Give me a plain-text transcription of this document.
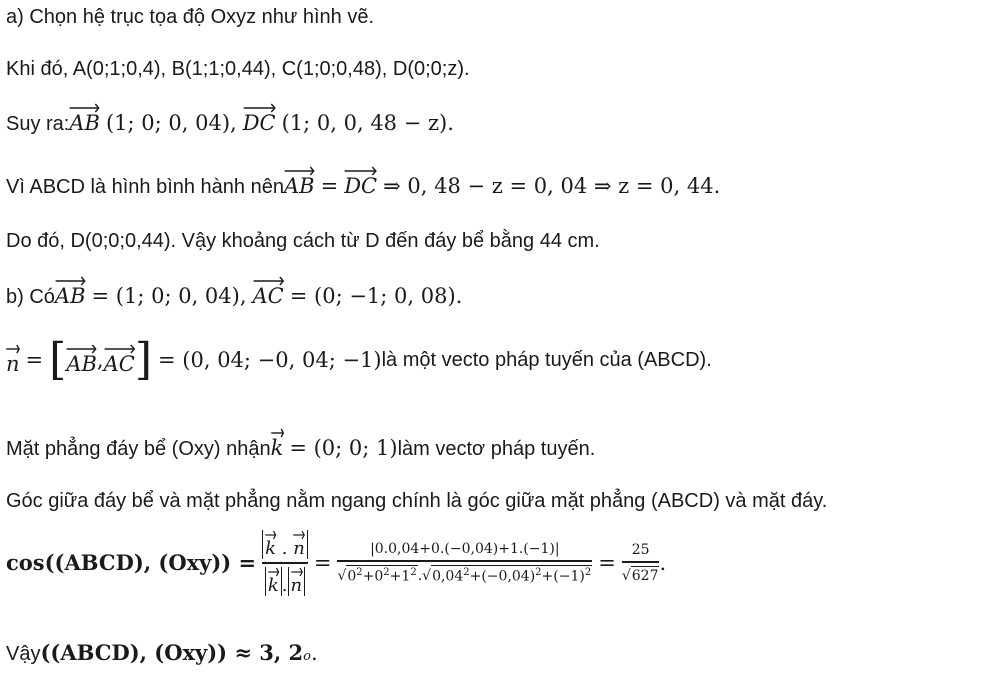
a) Chọn hệ trục tọa độ Oxyz như hình vẽ.
Khi đó, A(0;1;0,4), B(1;1;0,44), C(1;0;0,48), D(0;0;z).
Suy ra: AB (1; 0; 0, 04), DC (1; 0, 0, 48 − z).
Vì ABCD là hình bình hành nên AB = DC ⇒ 0, 48 − z = 0, 04 ⇒ z = 0, 44.
Do đó, D(0;0;0,44). Vậy khoảng cách từ D đến đáy bể bằng 44 cm.
b) Có AB = (1; 0; 0, 04), AC = (0; −1; 0, 08).
n = [ AB , AC ] = (0, 04; −0, 04; −1) là một vecto pháp tuyến của (ABCD).
Mặt phẳng đáy bể (Oxy) nhận k = (0; 0; 1) làm vectơ pháp tuyến.
Góc giữa đáy bể và mặt phẳng nằm ngang chính là góc giữa mặt phẳng (ABCD) và mặt đáy.
cos((ABCD), $(Oxy)) = \frac{k . n}{k . n} = \frac{|0.0,04+0.(-0,04)+1.(-1)|}{√ 0^2+0^2+1^2 . √ 0,04^2+(-0,04)^2+(-1)^2} = \frac{25}{√ 627}$ .
Vậy ((ABCD), (Oxy)) ≈ 3, $2_o$ .
